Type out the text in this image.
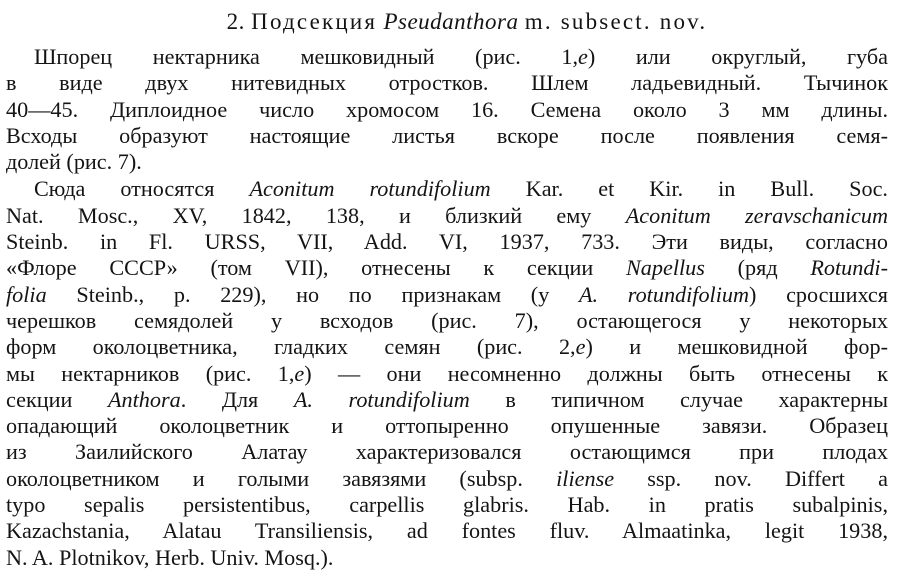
2. Подсекция Pseudanthora m. subsect. nov.
Шпорец нектарника мешковидный (рис. 1,е) или округлый, губа
в виде двух нитевидных отростков. Шлем ладьевидный. Тычинок
40—45. Диплоидное число хромосом 16. Семена около 3 мм длины.
Всходы образуют настоящие листья вскоре после появления семя-
долей (рис. 7).
Сюда относятся Aconitum rotundifolium Kar. et Kir. in Bull. Soc.
Nat. Mosc., XV, 1842, 138, и близкий ему Aconitum zeravschanicum
Steinb. in Fl. URSS, VII, Add. VI, 1937, 733. Эти виды, согласно
«Флоре СССР» (том VII), отнесены к секции Napellus (ряд Rotundi-
folia Steinb., p. 229), но по признакам (у A. rotundifolium) сросшихся
черешков семядолей у всходов (рис. 7), остающегося у некоторых
форм околоцветника, гладких семян (рис. 2,е) и мешковидной фор-
мы нектарников (рис. 1,е) — они несомненно должны быть отнесены к
секции Anthora. Для A. rotundifolium в типичном случае характерны
опадающий околоцветник и оттопыренно опушенные завязи. Образец
из Заилийского Алатау характеризовался остающимся при плодах
околоцветником и голыми завязями (subsp. iliense ssp. nov. Differt a
typo sepalis persistentibus, carpellis glabris. Hab. in pratis subalpinis,
Kazachstania, Alatau Transiliensis, ad fontes fluv. Almaatinka, legit 1938,
N. A. Plotnikov, Herb. Univ. Mosq.).
